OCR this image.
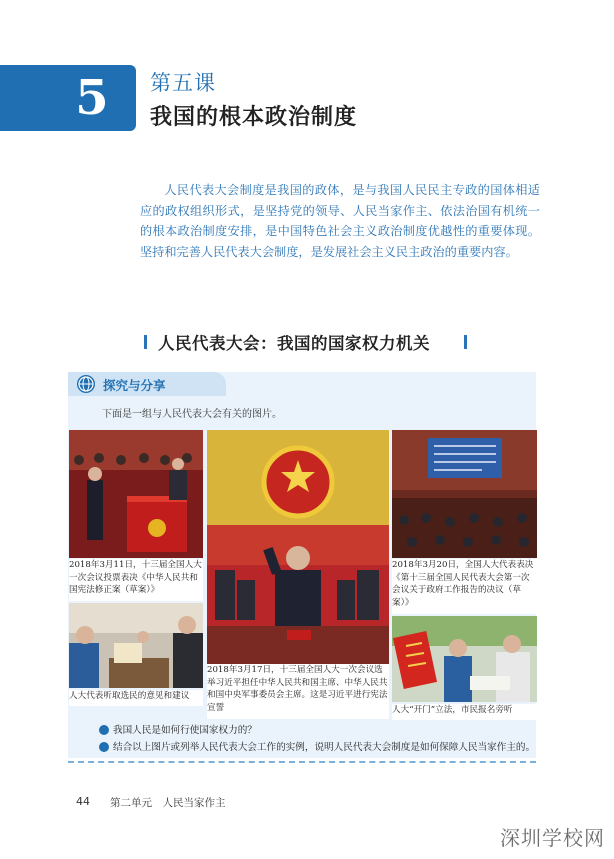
5 第五课
我国的根本政治制度
人民代表大会制度是我国的政体，是与我国人民民主专政的国体相适应的政权组织形式，是坚持党的领导、人民当家作主、依法治国有机统一的根本政治制度安排，是中国特色社会主义政治制度优越性的重要体现。坚持和完善人民代表大会制度，是发展社会主义民主政治的重要内容。
人民代表大会：我国的国家权力机关
探究与分享
下面是一组与人民代表大会有关的图片。
2018年3月11日，十三届全国人大一次会议投票表决《中华人民共和国宪法修正案（草案）》
2018年3月17日，十三届全国人大一次会议选举习近平担任中华人民共和国主席、中华人民共和国中央军事委员会主席。这是习近平进行宪法宣誓
2018年3月20日，全国人大代表表决《第十三届全国人民代表大会第一次会议关于政府工作报告的决议（草案）》
人大代表听取选民的意见和建议
人大“开门”立法，市民报名旁听
我国人民是如何行使国家权力的？
结合以上图片或列举人民代表大会工作的实例，说明人民代表大会制度是如何保障人民当家作主的。
44 第二单元　人民当家作主
深圳学校网
